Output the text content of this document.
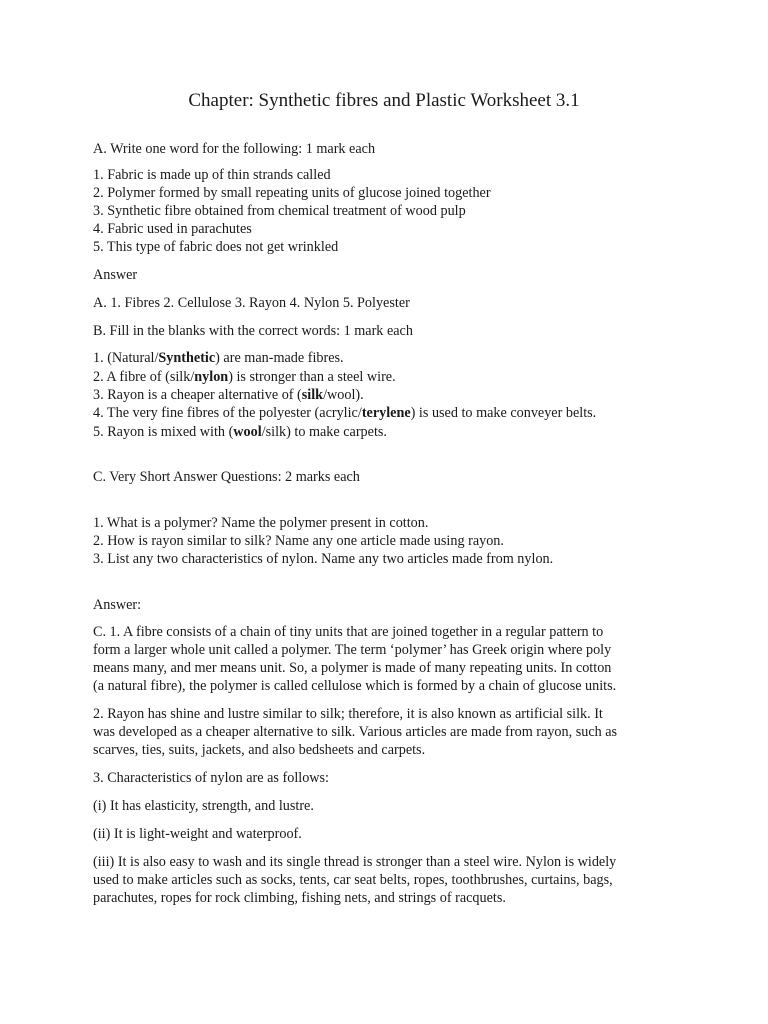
Chapter: Synthetic fibres and Plastic Worksheet 3.1

A. Write one word for the following: 1 mark each

1. Fabric is made up of thin strands called

2. Polymer formed by small repeating units of glucose joined together

3. Synthetic fibre obtained from chemical treatment of wood pulp

4. Fabric used in parachutes

5. This type of fabric does not get wrinkled

Answer

A. 1. Fibres 2. Cellulose 3. Rayon 4. Nylon 5. Polyester

B. Fill in the blanks with the correct words: 1 mark each

1. (Natural/Synthetic) are man-made fibres.

2. A fibre of (silk/nylon) is stronger than a steel wire.

3. Rayon is a cheaper alternative of (silk/wool).

4. The very fine fibres of the polyester (acrylic/terylene) is used to make conveyer belts.

5. Rayon is mixed with (wool/silk) to make carpets.

C. Very Short Answer Questions: 2 marks each

1. What is a polymer? Name the polymer present in cotton.

2. How is rayon similar to silk? Name any one article made using rayon.

3. List any two characteristics of nylon. Name any two articles made from nylon.

Answer:

C. 1. A fibre consists of a chain of tiny units that are joined together in a regular pattern to

form a larger whole unit called a polymer. The term ‘polymer’ has Greek origin where poly

means many, and mer means unit. So, a polymer is made of many repeating units. In cotton

(a natural fibre), the polymer is called cellulose which is formed by a chain of glucose units.

2. Rayon has shine and lustre similar to silk; therefore, it is also known as artificial silk. It

was developed as a cheaper alternative to silk. Various articles are made from rayon, such as

scarves, ties, suits, jackets, and also bedsheets and carpets.

3. Characteristics of nylon are as follows:

(i) It has elasticity, strength, and lustre.

(ii) It is light-weight and waterproof.

(iii) It is also easy to wash and its single thread is stronger than a steel wire. Nylon is widely

used to make articles such as socks, tents, car seat belts, ropes, toothbrushes, curtains, bags,

parachutes, ropes for rock climbing, fishing nets, and strings of racquets.
